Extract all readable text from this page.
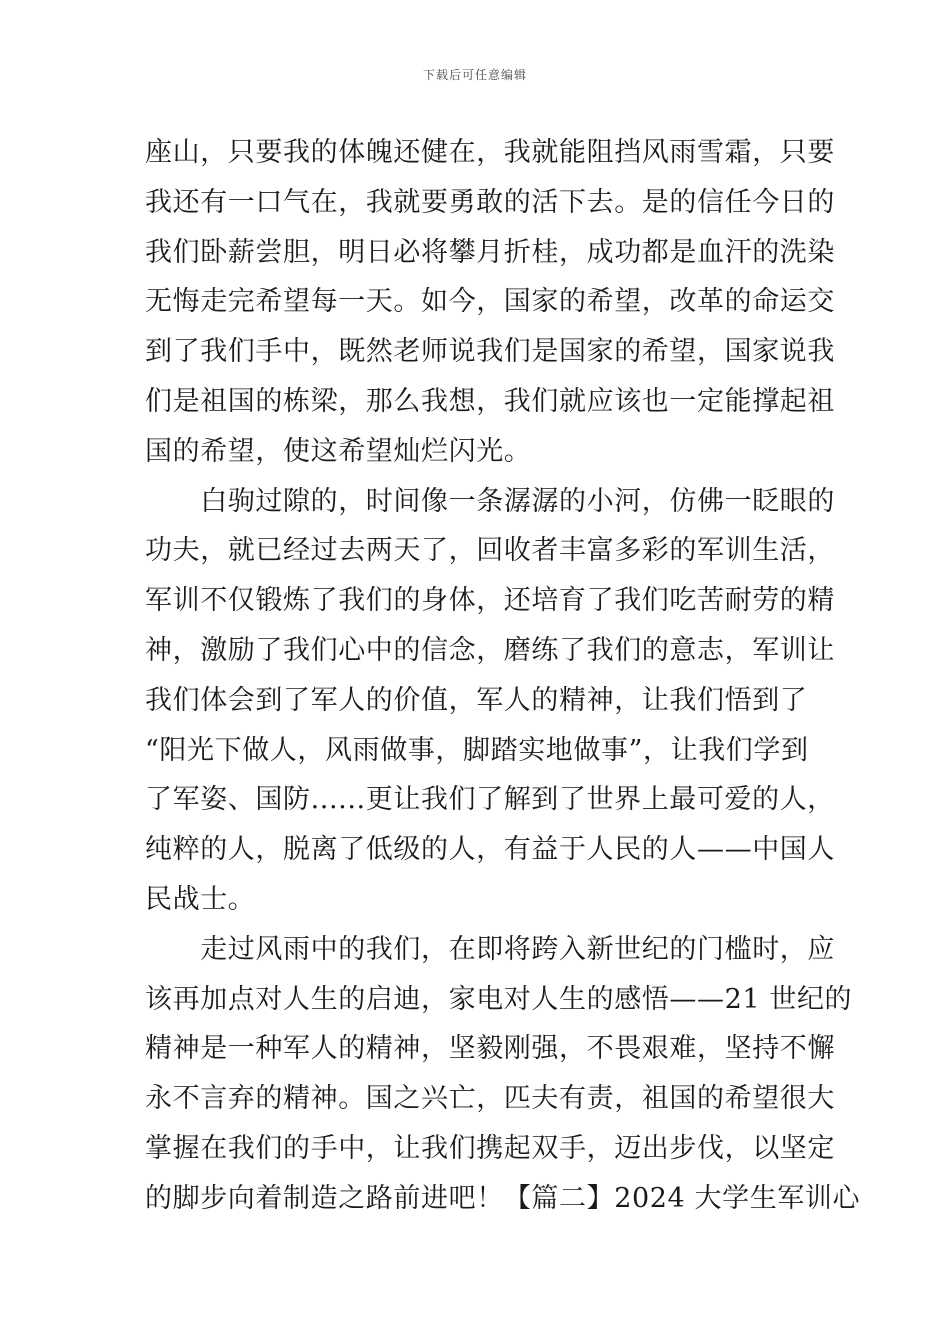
下载后可任意编辑
座山，只要我的体魄还健在，我就能阻挡风雨雪霜，只要
我还有一口气在，我就要勇敢的活下去。是的信任今日的
我们卧薪尝胆，明日必将攀月折桂，成功都是血汗的洗染
无悔走完希望每一天。如今，国家的希望，改革的命运交
到了我们手中，既然老师说我们是国家的希望，国家说我
们是祖国的栋梁，那么我想，我们就应该也一定能撑起祖
国的希望，使这希望灿烂闪光。
　　白驹过隙的，时间像一条潺潺的小河，仿佛一眨眼的
功夫，就已经过去两天了，回收者丰富多彩的军训生活，
军训不仅锻炼了我们的身体，还培育了我们吃苦耐劳的精
神，激励了我们心中的信念，磨练了我们的意志，军训让
我们体会到了军人的价值，军人的精神，让我们悟到了
“阳光下做人，风雨做事，脚踏实地做事”，让我们学到
了军姿、国防......更让我们了解到了世界上最可爱的人，
纯粹的人，脱离了低级的人，有益于人民的人——中国人
民战士。
　　走过风雨中的我们，在即将跨入新世纪的门槛时，应
该再加点对人生的启迪，家电对人生的感悟——21 世纪的
精神是一种军人的精神，坚毅刚强，不畏艰难，坚持不懈
永不言弃的精神。国之兴亡，匹夫有责，祖国的希望很大
掌握在我们的手中，让我们携起双手，迈出步伐，以坚定
的脚步向着制造之路前进吧！【篇二】2024 大学生军训心
